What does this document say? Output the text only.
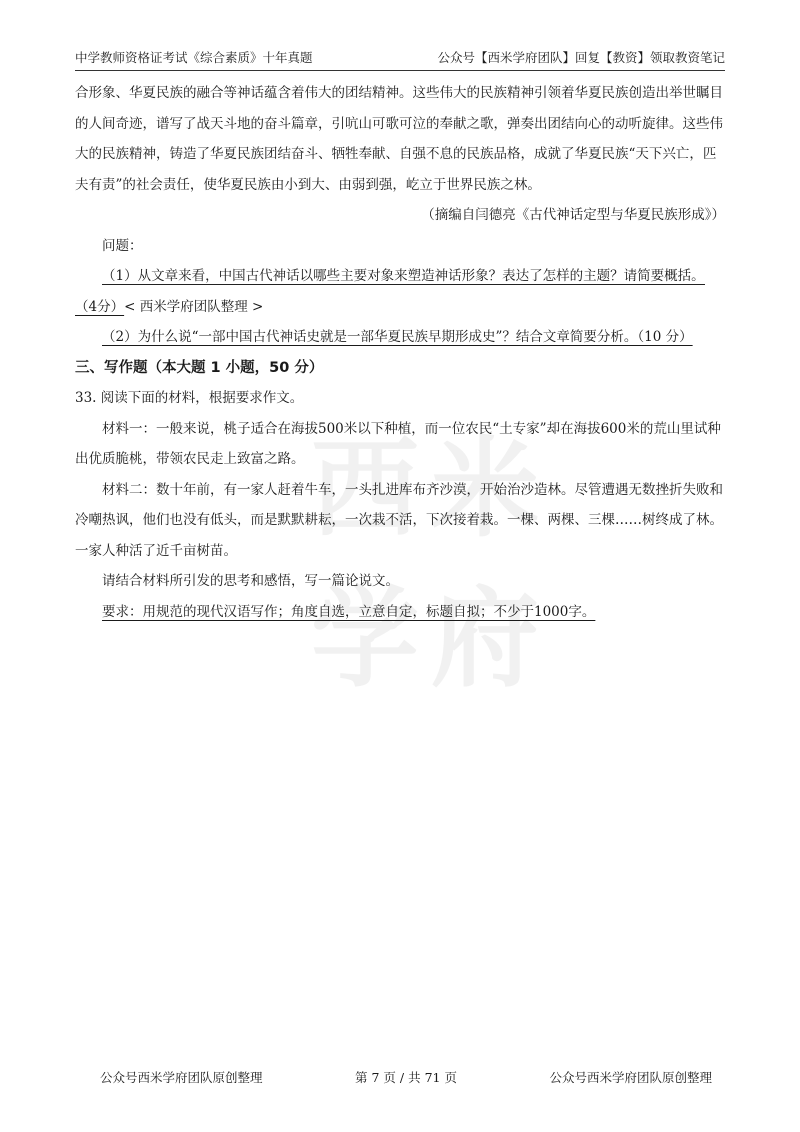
中学教师资格证考试《综合素质》十年真题	公众号【西米学府团队】回复【教资】领取教资笔记
西 米
学 府

合形象、华夏民族的融合等神话蕴含着伟大的团结精神。这些伟大的民族精神引领着华夏民族创造出举世瞩目的人间奇迹，谱写了战天斗地的奋斗篇章，引吭山可歌可泣的奉献之歌，弹奏出团结向心的动听旋律。这些伟大的民族精神，铸造了华夏民族团结奋斗、牺牲奉献、自强不息的民族品格，成就了华夏民族“天下兴亡，匹夫有责”的社会责任，使华夏民族由小到大、由弱到强，屹立于世界民族之林。

（摘编自闫德亮《古代神话定型与华夏民族形成》）

问题：

（1）从文章来看，中国古代神话以哪些主要对象来塑造神话形象？表达了怎样的主题？请简要概括。

（4分）< 西米学府团队整理 >

（2）为什么说“一部中国古代神话史就是一部华夏民族早期形成史”？结合文章简要分析。（10 分）

三、写作题（本大题 1 小题，50 分）

33. 阅读下面的材料，根据要求作文。

材料一：一般来说，桃子适合在海拔500米以下种植，而一位农民“土专家”却在海拔600米的荒山里试种出优质脆桃，带领农民走上致富之路。

材料二：数十年前，有一家人赶着牛车，一头扎进库布齐沙漠，开始治沙造林。尽管遭遇无数挫折失败和冷嘲热讽，他们也没有低头，而是默默耕耘，一次栽不活，下次接着栽。一棵、两棵、三棵……树终成了林。一家人种活了近千亩树苗。

请结合材料所引发的思考和感悟，写一篇论说文。

要求：用规范的现代汉语写作；角度自选，立意自定，标题自拟；不少于1000字。

公众号西米学府团队原创整理	第 7 页 / 共 71 页	公众号西米学府团队原创整理
